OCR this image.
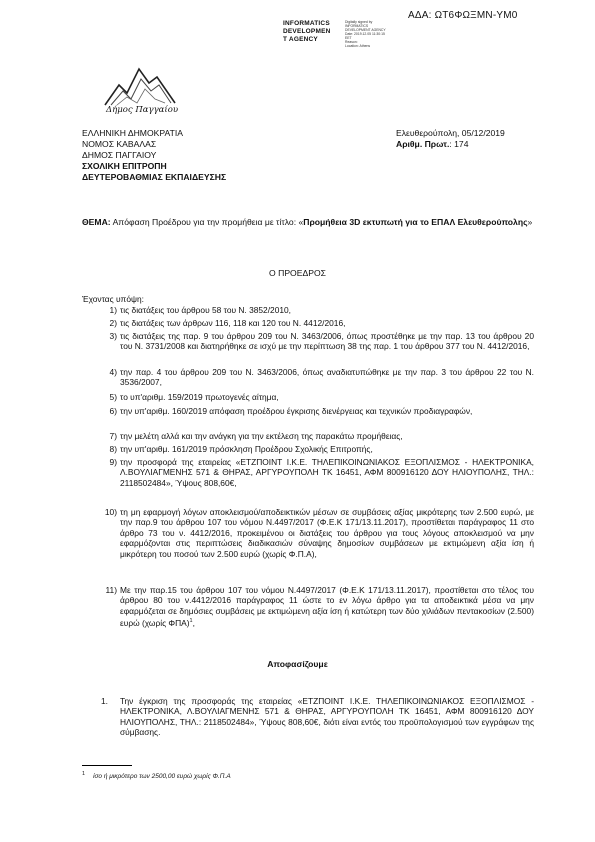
ΑΔΑ: ΩΤ6ΦΩΞΜΝ-ΥΜ0
INFORMATICS
DEVELOPMEN
T AGENCY
Digitally signed by
INFORMATICS
DEVELOPMENT AGENCY
Date: 2019.12.05 11:30:15
EET
Reason:
Location: Athens
Δήμος Παγγαίου
ΕΛΛΗΝΙΚΗ ΔΗΜΟΚΡΑΤΙΑ
ΝΟΜΟΣ ΚΑΒΑΛΑΣ
ΔΗΜΟΣ ΠΑΓΓΑΙΟΥ
ΣΧΟΛΙΚΗ ΕΠΙΤΡΟΠΗ
ΔΕΥΤΕΡΟΒΑΘΜΙΑΣ ΕΚΠΑΙΔΕΥΣΗΣ
Ελευθερούπολη, 05/12/2019
Αριθμ. Πρωτ.: 174
ΘΕΜΑ: Απόφαση Προέδρου για την προμήθεια με τίτλο: «Προμήθεια 3D εκτυπωτή για το ΕΠΑΛ Ελευθερούπολης»
Ο ΠΡΟΕΔΡΟΣ
Έχοντας υπόψη:
1) τις διατάξεις του άρθρου 58 του Ν. 3852/2010,
2) τις διατάξεις των άρθρων 116, 118 και 120 του Ν. 4412/2016,
3) τις διατάξεις της παρ. 9 του άρθρου 209 του Ν. 3463/2006, όπως προστέθηκε με την παρ. 13 του άρθρου 20 του Ν. 3731/2008 και διατηρήθηκε σε ισχύ με την περίπτωση 38 της παρ. 1 του άρθρου 377 του Ν. 4412/2016,
4) την παρ. 4 του άρθρου 209 του Ν. 3463/2006, όπως αναδιατυπώθηκε με την παρ. 3 του άρθρου 22 του Ν. 3536/2007,
5) το υπ'αριθμ. 159/2019 πρωτογενές αίτημα,
6) την υπ'αριθμ. 160/2019 απόφαση προέδρου έγκρισης διενέργειας και τεχνικών προδιαγραφών,
7) την μελέτη αλλά και την ανάγκη για την εκτέλεση της παρακάτω προμήθειας,
8) την υπ'αριθμ. 161/2019 πρόσκληση Προέδρου Σχολικής Επιτροπής,
9) την προσφορά της εταιρείας «ΕΤΖΠΟΙΝΤ Ι.Κ.Ε. ΤΗΛΕΠΙΚΟΙΝΩΝΙΑΚΟΣ ΕΞΟΠΛΙΣΜΟΣ - ΗΛΕΚΤΡΟΝΙΚΑ, Λ.ΒΟΥΛΙΑΓΜΕΝΗΣ 571 & ΘΗΡΑΣ, ΑΡΓΥΡΟΥΠΟΛΗ ΤΚ 16451, ΑΦΜ 800916120 ΔΟΥ ΗΛΙΟΥΠΟΛΗΣ, ΤΗΛ.: 2118502484», Ύψους 808,60€,
10) τη μη εφαρμογή λόγων αποκλεισμού/αποδεικτικών μέσων σε συμβάσεις αξίας μικρότερης των 2.500 ευρώ, με την παρ.9 του άρθρου 107 του νόμου Ν.4497/2017 (Φ.Ε.Κ 171/13.11.2017), προστίθεται παράγραφος 11 στο άρθρο 73 του ν. 4412/2016, προκειμένου οι διατάξεις του άρθρου για τους λόγους αποκλεισμού να μην εφαρμόζονται στις περιπτώσεις διαδικασιών σύναψης δημοσίων συμβάσεων με εκτιμώμενη αξία ίση ή μικρότερη του ποσού των 2.500 ευρώ (χωρίς Φ.Π.Α),
11) Με την παρ.15 του άρθρου 107 του νόμου Ν.4497/2017 (Φ.Ε.Κ 171/13.11.2017), προστίθεται στο τέλος του άρθρου 80 του ν.4412/2016 παράγραφος 11 ώστε το εν λόγω άρθρο για τα αποδεικτικά μέσα να μην εφαρμόζεται σε δημόσιες συμβάσεις με εκτιμώμενη αξία ίση ή κατώτερη των δύο χιλιάδων πεντακοσίων (2.500) ευρώ (χωρίς ΦΠΑ)$^1$,
Αποφασίζουμε
1. Την έγκριση της προσφοράς της εταιρείας «ΕΤΖΠΟΙΝΤ Ι.Κ.Ε. ΤΗΛΕΠΙΚΟΙΝΩΝΙΑΚΟΣ ΕΞΟΠΛΙΣΜΟΣ - ΗΛΕΚΤΡΟΝΙΚΑ, Λ.ΒΟΥΛΙΑΓΜΕΝΗΣ 571 & ΘΗΡΑΣ, ΑΡΓΥΡΟΥΠΟΛΗ ΤΚ 16451, ΑΦΜ 800916120 ΔΟΥ ΗΛΙΟΥΠΟΛΗΣ, ΤΗΛ.: 2118502484», Ύψους 808,60€, διότι είναι εντός του προϋπολογισμού των εγγράφων της σύμβασης.
$^1$ ίσο ή μικρότερο των 2500,00 ευρώ χωρίς Φ.Π.Α
